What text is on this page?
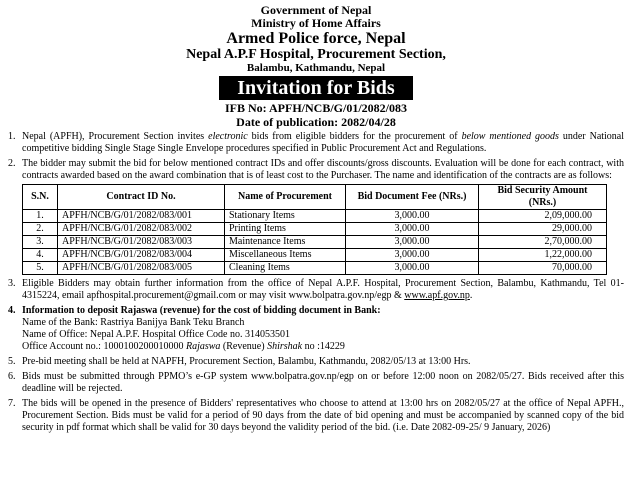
Government of Nepal
Ministry of Home Affairs
Armed Police force, Nepal
Nepal A.P.F Hospital, Procurement Section,
Balambu, Kathmandu, Nepal
Invitation for Bids
IFB No: APFH/NCB/G/01/2082/083
Date of publication: 2082/04/28
1. Nepal (APFH), Procurement Section invites electronic bids from eligible bidders for the procurement of below mentioned goods under National competitive bidding Single Stage Single Envelope procedures specified in Public Procurement Act and Regulations.
2. The bidder may submit the bid for below mentioned contract IDs and offer discounts/gross discounts. Evaluation will be done for each contract, with contracts awarded based on the award combination that is of least cost to the Purchaser. The name and identification of the contracts are as follows:
S.N.	Contract ID No.	Name of Procurement	Bid Document Fee (NRs.)	Bid Security Amount (NRs.)
1.	APFH/NCB/G/01/2082/083/001	Stationary Items	3,000.00	2,09,000.00
2.	APFH/NCB/G/01/2082/083/002	Printing Items	3,000.00	29,000.00
3.	APFH/NCB/G/01/2082/083/003	Maintenance Items	3,000.00	2,70,000.00
4.	APFH/NCB/G/01/2082/083/004	Miscellaneous Items	3,000.00	1,22,000.00
5.	APFH/NCB/G/01/2082/083/005	Cleaning Items	3,000.00	70,000.00
3. Eligible Bidders may obtain further information from the office of Nepal A.P.F. Hospital, Procurement Section, Balambu, Kathmandu, Tel 01-4315224, email apfhospital.procurement@gmail.com or may visit www.bolpatra.gov.np/egp & www.apf.gov.np.
4. Information to deposit Rajaswa (revenue) for the cost of bidding document in Bank:
Name of the Bank: Rastriya Banijya Bank Teku Branch
Name of Office: Nepal A.P.F. Hospital Office Code no. 314053501
Office Account no.: 1000100200010000 Rajaswa (Revenue) Shirshak no :14229
5. Pre-bid meeting shall be held at NAPFH, Procurement Section, Balambu, Kathmandu, 2082/05/13 at 13:00 Hrs.
6. Bids must be submitted through PPMO’s e-GP system www.bolpatra.gov.np/egp on or before 12:00 noon on 2082/05/27. Bids received after this deadline will be rejected.
7. The bids will be opened in the presence of Bidders' representatives who choose to attend at 13:00 hrs on 2082/05/27 at the office of Nepal APFH., Procurement Section. Bids must be valid for a period of 90 days from the date of bid opening and must be accompanied by scanned copy of the bid security in pdf format which shall be valid for 30 days beyond the validity period of the bid. (i.e. Date 2082-09-25/ 9 January, 2026)
